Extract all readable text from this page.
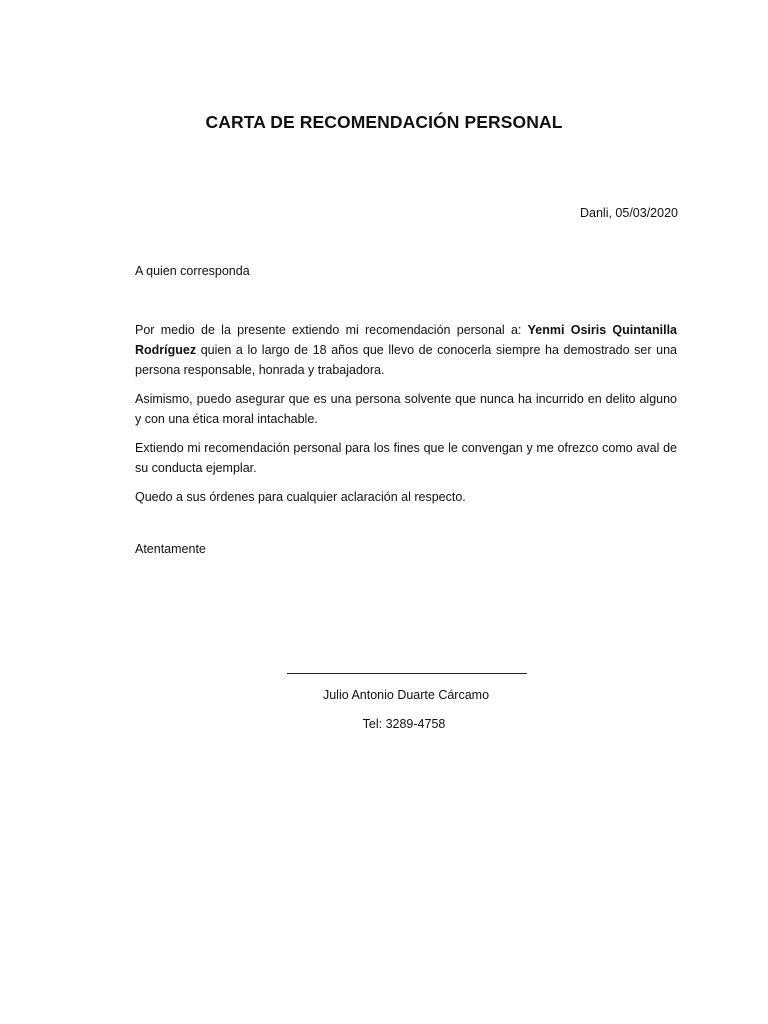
CARTA DE RECOMENDACIÓN PERSONAL
Danli, 05/03/2020
A quien corresponda

Por medio de la presente extiendo mi recomendación personal a: Yenmi Osiris Quintanilla Rodríguez quien a lo largo de 18 años que llevo de conocerla siempre ha demostrado ser una persona responsable, honrada y trabajadora.

Asimismo, puedo asegurar que es una persona solvente que nunca ha incurrido en delito alguno y con una ética moral intachable.

Extiendo mi recomendación personal para los fines que le convengan y me ofrezco como aval de su conducta ejemplar.

Quedo a sus órdenes para cualquier aclaración al respecto.

Atentamente
Julio Antonio Duarte Cárcamo
Tel: 3289-4758
